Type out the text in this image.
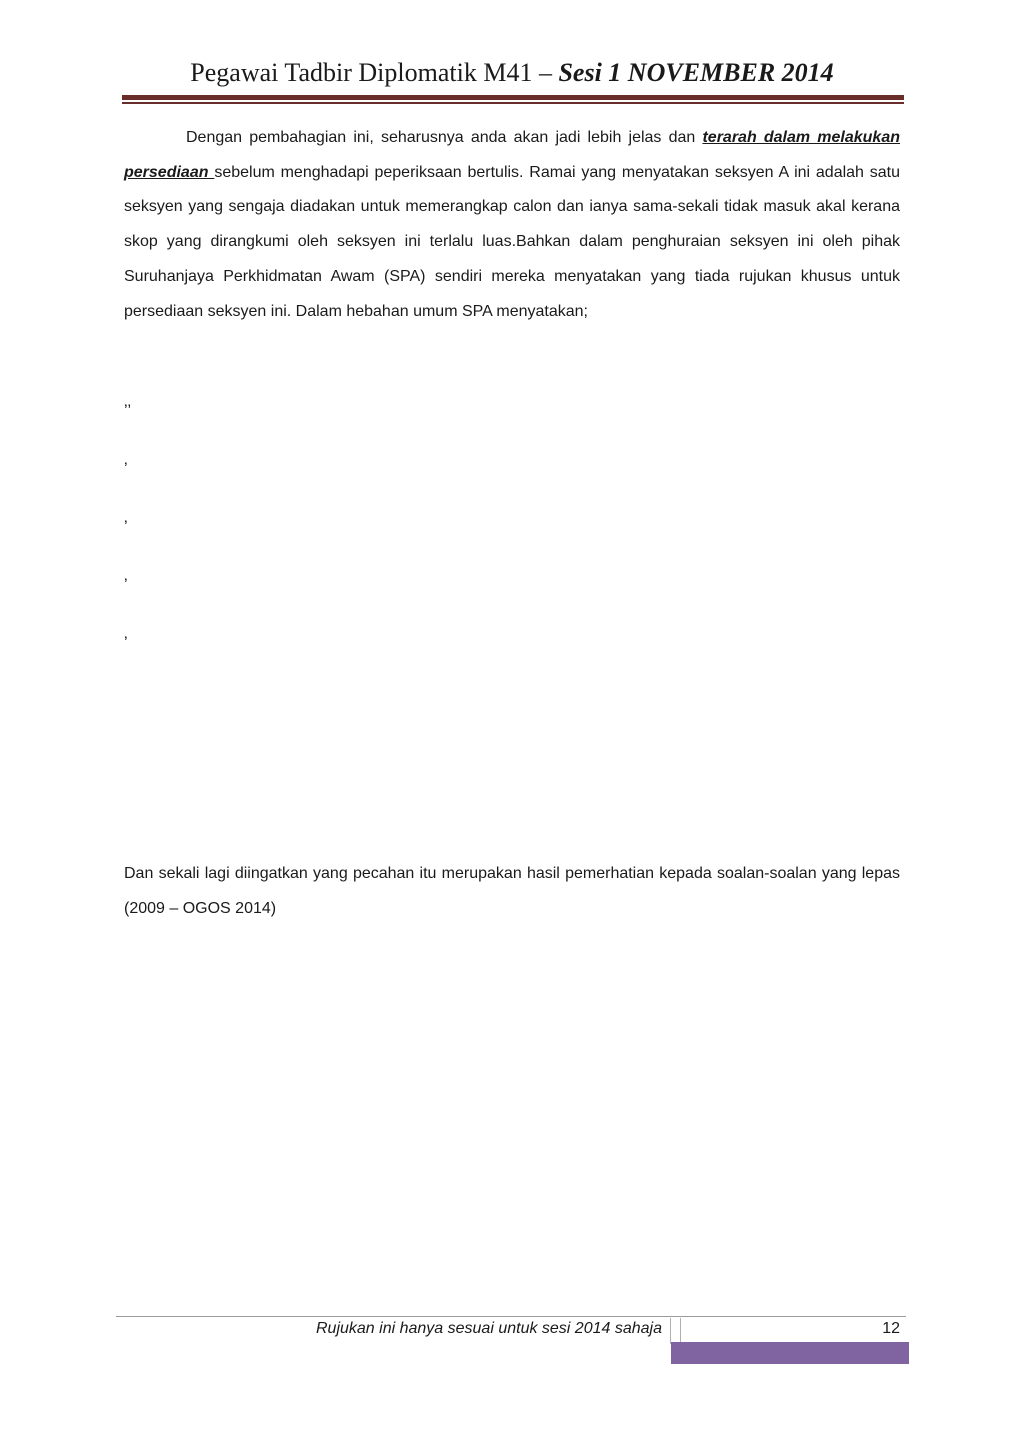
Pegawai Tadbir Diplomatik M41 – Sesi 1 NOVEMBER 2014
Dengan pembahagian ini, seharusnya anda akan jadi lebih jelas dan terarah dalam melakukan persediaan sebelum menghadapi peperiksaan bertulis. Ramai yang menyatakan seksyen A ini adalah satu seksyen yang sengaja diadakan untuk memerangkap calon dan ianya sama-sekali tidak masuk akal kerana skop yang dirangkumi oleh seksyen ini terlalu luas.Bahkan dalam penghuraian seksyen ini oleh pihak Suruhanjaya Perkhidmatan Awam (SPA) sendiri mereka menyatakan yang tiada rujukan khusus untuk persediaan seksyen ini. Dalam hebahan umum SPA menyatakan;
‚‚
‚
‚
‚
‚
Dan sekali lagi diingatkan yang pecahan itu merupakan hasil pemerhatian kepada soalan-soalan yang lepas (2009 – OGOS 2014)
Rujukan ini hanya sesuai untuk sesi 2014 sahaja	12
